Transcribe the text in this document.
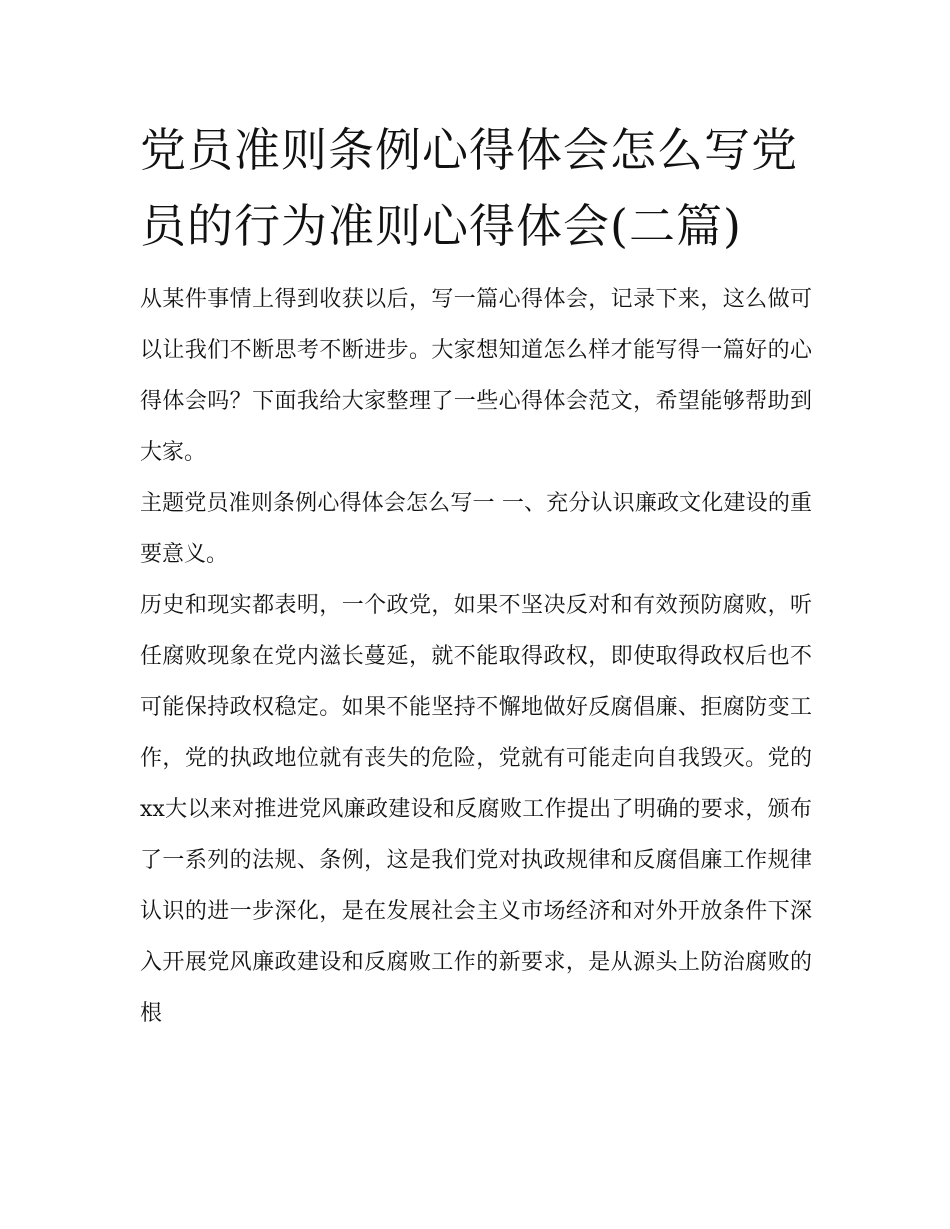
党员准则条例心得体会怎么写党员的行为准则心得体会(二篇)

从某件事情上得到收获以后，写一篇心得体会，记录下来，这么做可以让我们不断思考不断进步。大家想知道怎么样才能写得一篇好的心得体会吗？下面我给大家整理了一些心得体会范文，希望能够帮助到大家。

主题党员准则条例心得体会怎么写一 一、充分认识廉政文化建设的重要意义。

历史和现实都表明，一个政党，如果不坚决反对和有效预防腐败，听任腐败现象在党内滋长蔓延，就不能取得政权，即使取得政权后也不可能保持政权稳定。如果不能坚持不懈地做好反腐倡廉、拒腐防变工作，党的执政地位就有丧失的危险，党就有可能走向自我毁灭。党的xx大以来对推进党风廉政建设和反腐败工作提出了明确的要求，颁布了一系列的法规、条例，这是我们党对执政规律和反腐倡廉工作规律认识的进一步深化，是在发展社会主义市场经济和对外开放条件下深入开展党风廉政建设和反腐败工作的新要求，是从源头上防治腐败的根
